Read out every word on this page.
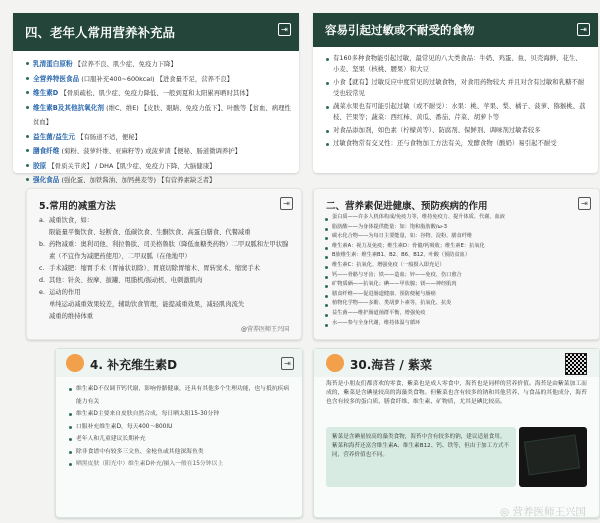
四、老年人常用营养补充品	⇥
乳清蛋白原粉 【营养不良、肌少症、免疫力下降】
全营养特医食品 (口服补充400~600kcal) 【进食量不足，营养不良】
维生素D 【骨质疏松、肌少症、免疫力降低、一般到夏和太阳累再晒时其体】
维生素B及其他抗氧化剂 (维C、维E) 【皮肤、眼睛、免疫力低下】、叶酸等【贫血、病理性贫血】
益生菌/益生元 【有肠道不适，便秘】
膳食纤维 (菊粉、菠萝纤维、亚麻籽等) 或菠萝渣【便秘、肠道微调养护】
胶原 【骨质关节炎】 / DHA【肌少症、免疫力下降、大脑健康】
强化食品 (强化蛋、加铁酱油、加钙燕麦等) 【有营养素缺乏者】
容易引起过敏或不耐受的食物	⇥
有160多种食物能引起过敏，最常见的八大类食品：牛奶、鸡蛋、鱼、贝壳海鲜、花生、小麦、坚果（核桃、腰果）和大豆
小食【就有】过敏反应中度常见的过敏食物，对食用药物较大 并且对含有过敏和乳糖不耐受也较常见
蔬菜水果也有可能引起过敏（或不耐受）：水果：桃、苹果、梨、橘子、菠萝、猕猴桃、荔枝、芒果等；蔬菜：西红柿、黄瓜、番茄、芹菜、胡萝卜等
对食品添加剂，如色素（柠檬黄等）、防腐剂、保鲜剂、调味剂过敏者较多
过敏食物常有交叉性：还与食物加工方法有关，发酵食物（酸奶）易引起不耐受
5.常用的减重方法	⇥
a. 减重饮食，如：
限能量平衡饮食、轻断食、低碳饮食、生酮饮食、高蛋白膳食、代餐减重
b. 药物减重：奥利司他、利拉鲁肽、司美格鲁肽（降低血糖类药物）二甲双胍和左甲状腺素（不宜作为减肥药使用）、二甲双胍（在他地甲）
c. 手术减肥：缩胃手术（胃袖状切除）、胃底切除胃缩术、胃转窦术、缩窦手术
d. 其他：针灸、按摩、拔罐、甩脂机/振动机、电刺激肌肉
e. 运动的作用
单纯运动减重效果较差，辅助饮食管理，能提减重效果，减轻肌肉流失
减重的维持体重
@营养医师王兴国
二、营养素促进健康、预防疾病的作用	⇥
蛋白质——许多人机体构成/免疫力等，维持免疫力、提升体质、代谢、血液
脂肪酸——为身体提供能量：如：饱和脂肪酸/ω-3
碳水化合物——为每日主要能量，如：谷物、淀粉、膳食纤维
维生素A：视力及免疫；维生素D：骨骼/钙吸收；维生素E：抗氧化
B族维生素：维生素B1、B2、B6、B12、叶酸（预防贫血）
维生素C：抗氧化、增强免疫（一般摄入即充足）
钙——骨骼与牙齿；铁——造血；锌——免疫、伤口愈合
矿物质硒——抗氧化；碘——甲状腺；镁——神经肌肉
膳食纤维——促进肠道健康、预防便秘与肠癌
植物化学物——多酚、类胡萝卜素等，抗氧化、抗炎
益生菌——维护肠道菌群平衡，增强免疫
水——参与全身代谢，维持体温与循环
4. 补充维生素D	⇥
维生素D不仅调节钙代谢，影响骨骼健康，还具有其他多个生理功能，也与抵抗疾病能力有关
维生素D主要来自皮肤自然合成，每日晒太阳15-30分钟
口服补充维生素D，每天400～800IU
老年人和儿童建议长期补充
除非食谱中有较多三文鱼、金枪鱼或其他深海鱼类
晒黑皮肤（阳光中）维生素D补充/摄入一般在15分钟以上
30.海苔 / 紫菜
海苔是小朋友们都喜欢的零食，紫菜也是成人零食中，海苔也是同样的营养价值。海苔是由紫菜加工而成的，紫菜是含碘量较高的海藻类食物。但紫菜也含有较多的钠和其他营养，与食品的其他成分，海苔也含有较多的蛋白质、膳食纤维、维生素、矿物质，尤其是碘比较高。
紫菜是含碘量较高的藻类食物，海苔中含有较多的钠，建议适量食用。紫菜和海苔还富含维生素A、维生素B12、钙、铁等，但由于加工方式不同，营养价值也不同。
◎ 营养医师王兴国
